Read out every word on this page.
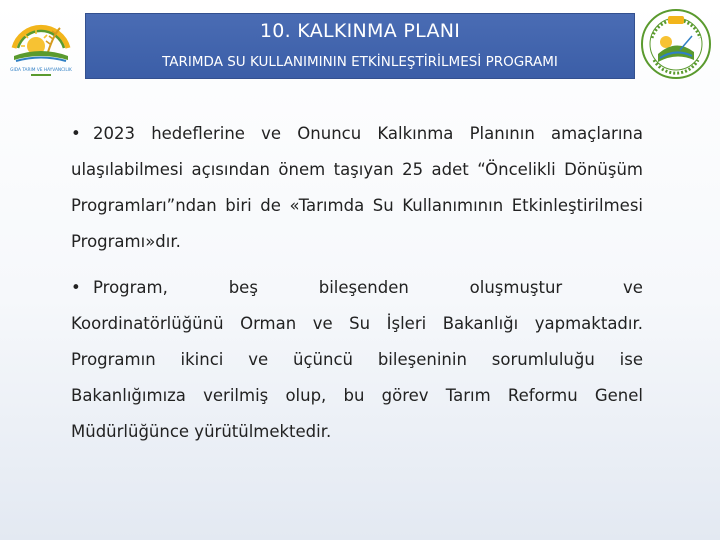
GIDA TARIM VE HAYVANCILIK
10. KALKINMA PLANI
TARIMDA SU KULLANIMININ ETKİNLEŞTİRİLMESİ PROGRAMI

• 2023 hedeflerine ve Onuncu Kalkınma Planının amaçlarına ulaşılabilmesi açısından önem taşıyan 25 adet “Öncelikli Dönüşüm Programları”ndan biri de «Tarımda Su Kullanımının Etkinleştirilmesi Programı»dır.

• Program,	beş	bileşenden	oluşmuştur	ve

Koordinatörlüğünü Orman ve Su İşleri Bakanlığı yapmaktadır. Programın ikinci ve üçüncü bileşeninin sorumluluğu ise Bakanlığımıza verilmiş olup, bu görev Tarım Reformu Genel Müdürlüğünce yürütülmektedir.
